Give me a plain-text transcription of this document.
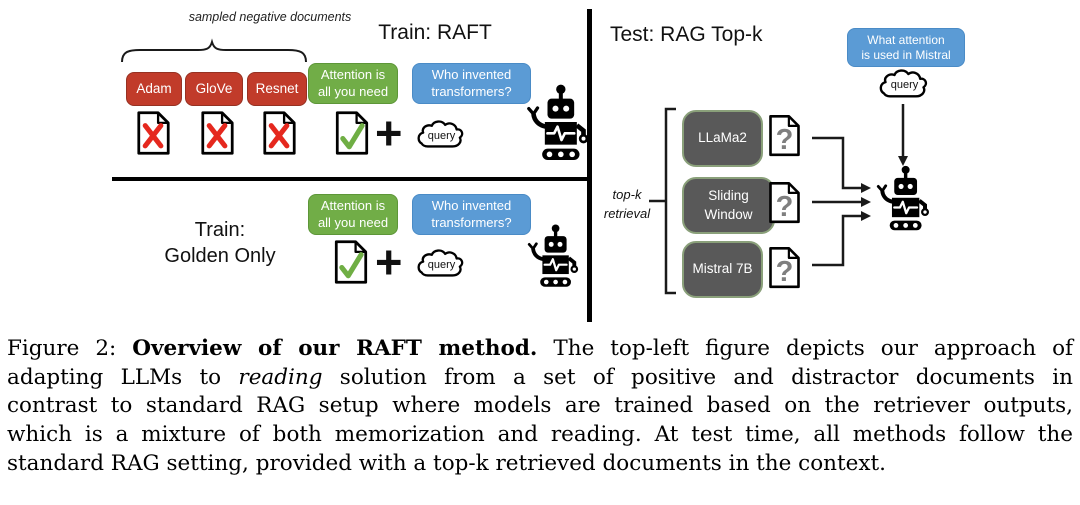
Train: RAFT
sampled negative documents
Adam GloVe Resnet
Attention is
all you need
Who invented
transformers?
+	query
Train:
Golden Only
Attention is
all you need
Who invented
transformers?
+	query
Test: RAG Top-k	What attention
is used in Mistral
query
top-k
retrieval
LLaMa2
Sliding Window
Mistral 7B
?
?
?
Figure 2: Overview of our RAFT method. The top-left figure depicts our approach of
adapting LLMs to reading solution from a set of positive and distractor documents in
contrast to standard RAG setup where models are trained based on the retriever outputs,
which is a mixture of both memorization and reading. At test time, all methods follow the
standard RAG setting, provided with a top-k retrieved documents in the context.
